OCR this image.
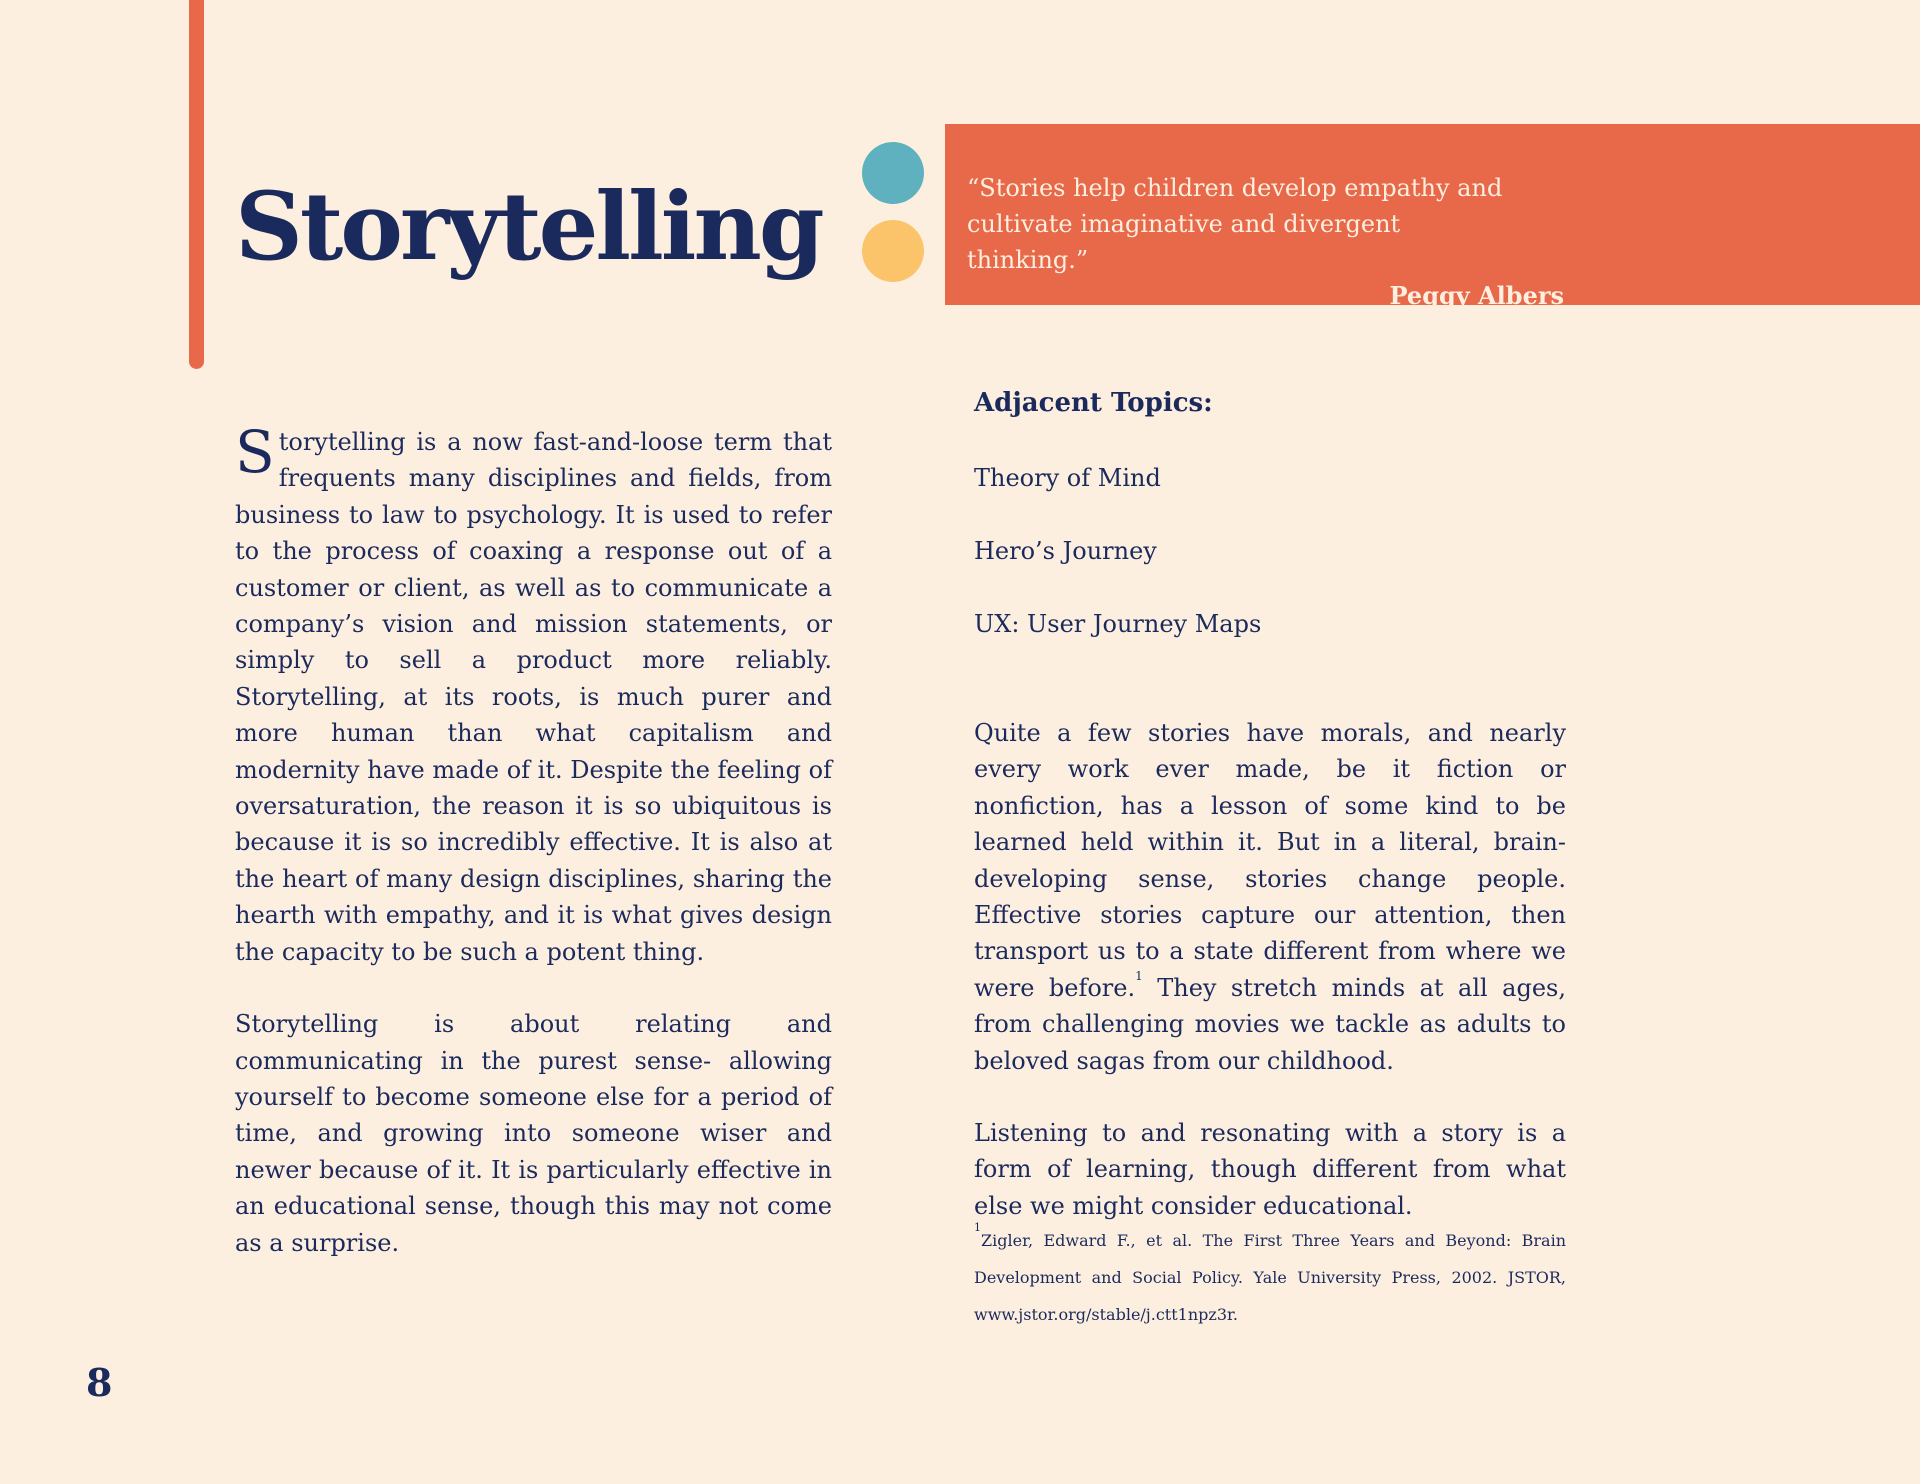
Storytelling	“Stories help children develop empathy and cultivate imaginative and divergent thinking.”

Peggy Albers

Storytelling is a now fast-and-loose term that frequents many disciplines and fields, from business to law to psychology. It is used to refer to the process of coaxing a response out of a customer or client, as well as to communicate a company’s vision and mission statements, or simply to sell a product more reliably. Storytelling, at its roots, is much purer and more human than what capitalism and modernity have made of it. Despite the feeling of oversaturation, the reason it is so ubiquitous is because it is so incredibly effective. It is also at the heart of many design disciplines, sharing the hearth with empathy, and it is what gives design the capacity to be such a potent thing.

Storytelling is about relating and communicating in the purest sense- allowing yourself to become someone else for a period of time, and growing into someone wiser and newer because of it. It is particularly effective in an educational sense, though this may not come as a surprise.

Adjacent Topics:
Theory of Mind
Hero’s Journey
UX: User Journey Maps

Quite a few stories have morals, and nearly every work ever made, be it fiction or nonfiction, has a lesson of some kind to be learned held within it. But in a literal, brain-developing sense, stories change people. Effective stories capture our attention, then transport us to a state different from where we were before.$^1$ They stretch minds at all ages, from challenging movies we tackle as adults to beloved sagas from our childhood.

Listening to and resonating with a story is a form of learning, though different from what else we might consider educational.

$^1$Zigler, Edward F., et al. The First Three Years and Beyond: Brain Development and Social Policy. Yale University Press, 2002. JSTOR, www.jstor.org/stable/j.ctt1npz3r.

8
